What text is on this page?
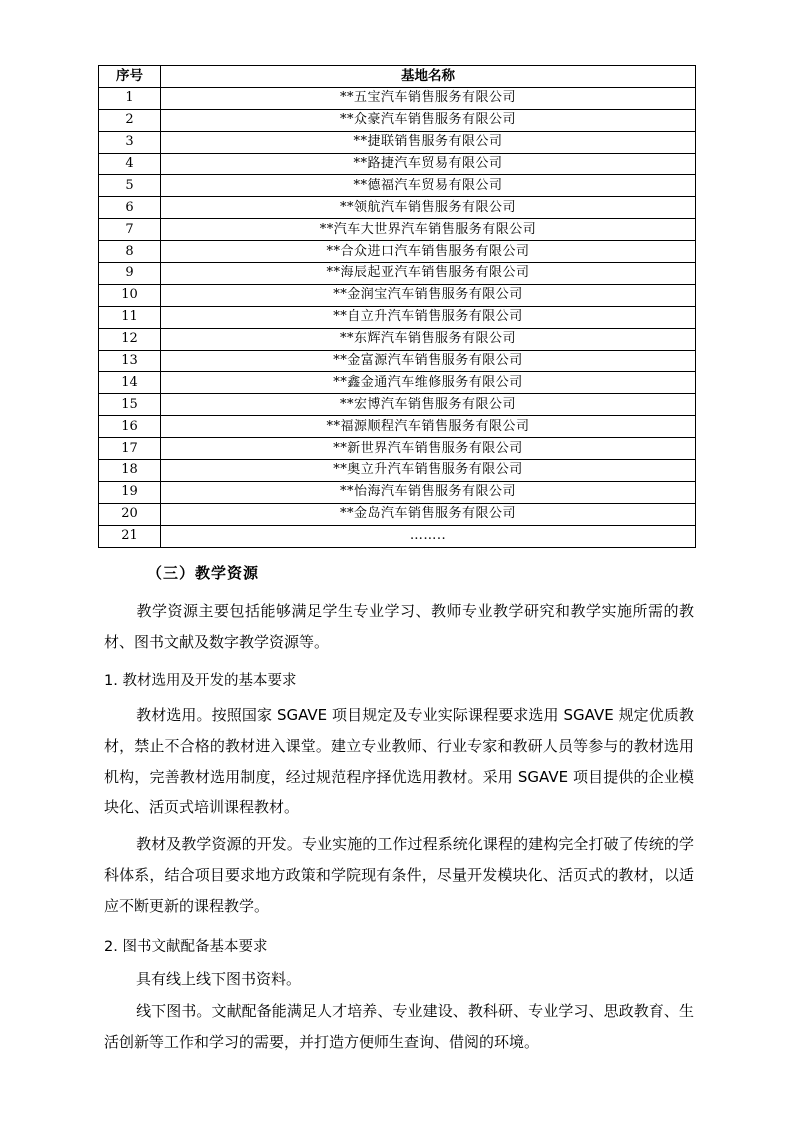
序号	基地名称
1	**五宝汽车销售服务有限公司
2	**众豪汽车销售服务有限公司
3	**捷联销售服务有限公司
4	**路捷汽车贸易有限公司
5	**德福汽车贸易有限公司
6	**领航汽车销售服务有限公司
7	**汽车大世界汽车销售服务有限公司
8	**合众进口汽车销售服务有限公司
9	**海辰起亚汽车销售服务有限公司
10	**金润宝汽车销售服务有限公司
11	**自立升汽车销售服务有限公司
12	**东辉汽车销售服务有限公司
13	**金富源汽车销售服务有限公司
14	**鑫金通汽车维修服务有限公司
15	**宏博汽车销售服务有限公司
16	**福源顺程汽车销售服务有限公司
17	**新世界汽车销售服务有限公司
18	**奥立升汽车销售服务有限公司
19	**怡海汽车销售服务有限公司
20	**金岛汽车销售服务有限公司
21	……..
（三）教学资源
教学资源主要包括能够满足学生专业学习、教师专业教学研究和教学实施所需的教材、图书文献及数字教学资源等。
1. 教材选用及开发的基本要求
教材选用。按照国家 SGAVE 项目规定及专业实际课程要求选用 SGAVE 规定优质教材，禁止不合格的教材进入课堂。建立专业教师、行业专家和教研人员等参与的教材选用机构，完善教材选用制度，经过规范程序择优选用教材。采用 SGAVE 项目提供的企业模块化、活页式培训课程教材。
教材及教学资源的开发。专业实施的工作过程系统化课程的建构完全打破了传统的学科体系，结合项目要求地方政策和学院现有条件，尽量开发模块化、活页式的教材，以适应不断更新的课程教学。
2. 图书文献配备基本要求
具有线上线下图书资料。
线下图书。文献配备能满足人才培养、专业建设、教科研、专业学习、思政教育、生活创新等工作和学习的需要，并打造方便师生查询、借阅的环境。
